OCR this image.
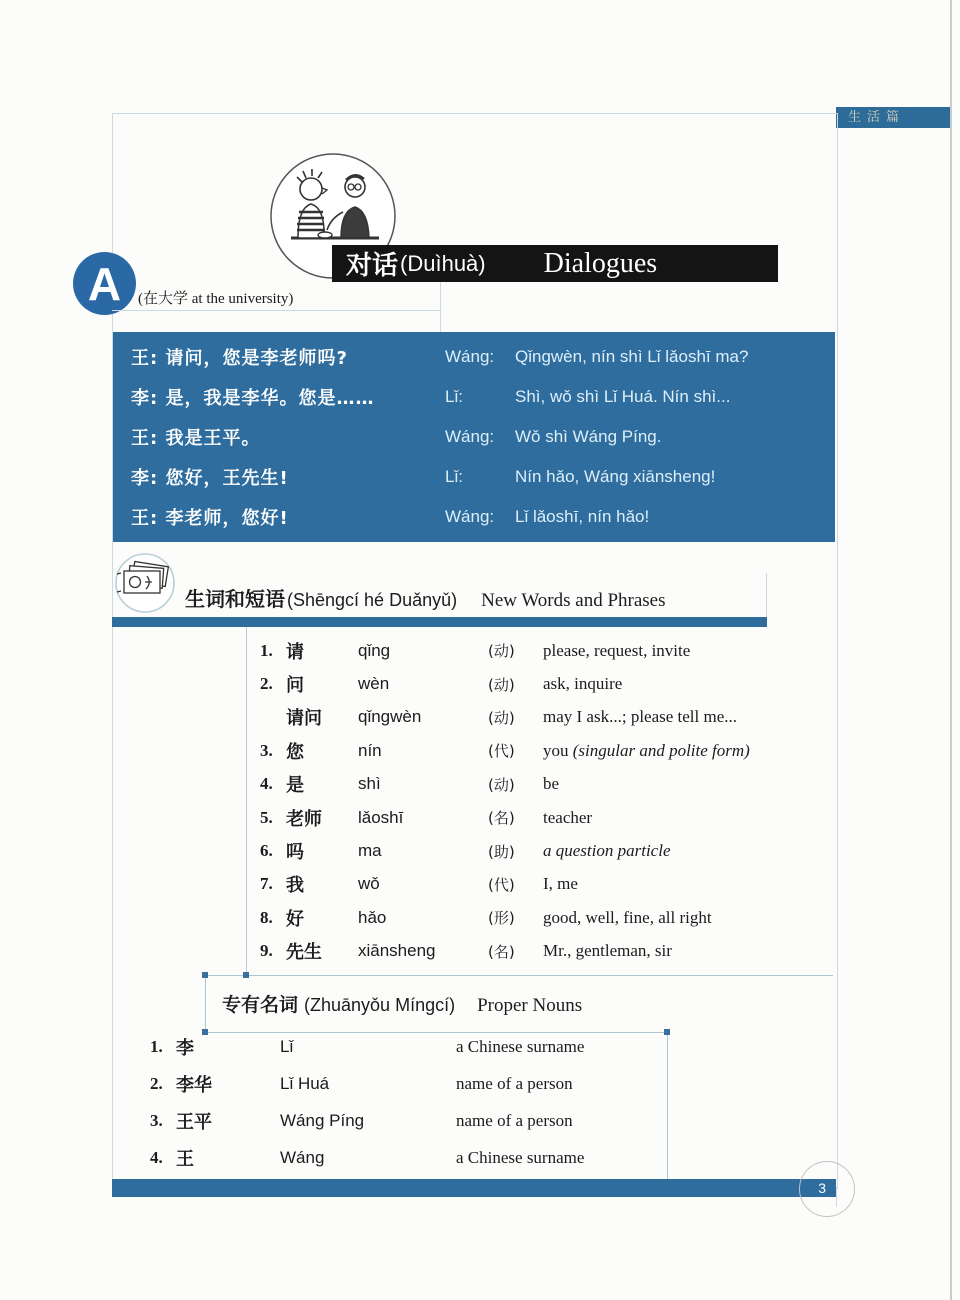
生活篇
对话 (Duìhuà) Dialogues
A	(在大学 at the university)
王: 请问，您是李老师吗?	Wáng:	Qǐngwèn, nín shì Lǐ lǎoshī ma?
李: 是，我是李华。您是……	Lǐ:	Shì, wǒ shì Lǐ Huá. Nín shì...
王: 我是王平。	Wáng:	Wǒ shì Wáng Píng.
李: 您好，王先生!	Lǐ:	Nín hǎo, Wáng xiānsheng!
王: 李老师，您好!	Wáng:	Lǐ lǎoshī, nín hǎo!
生词和短语 (Shēngcí hé Duǎnyǔ) New Words and Phrases
1. 请	qǐng	(动)	please, request, invite
2. 问	wèn	(动)	ask, inquire
请问	qǐngwèn	(动)	may I ask...; please tell me...
3. 您	nín	(代)	you (singular and polite form)
4. 是	shì	(动)	be
5. 老师	lǎoshī	(名)	teacher
6. 吗	ma	(助)	a question particle
7. 我	wǒ	(代)	I, me
8. 好	hǎo	(形)	good, well, fine, all right
9. 先生	xiānsheng	(名)	Mr., gentleman, sir
专有名词 (Zhuānyǒu Míngcí) Proper Nouns
1. 李	Lǐ	a Chinese surname
2. 李华	Lǐ Huá	name of a person
3. 王平	Wáng Píng	name of a person
4. 王	Wáng	a Chinese surname
3
